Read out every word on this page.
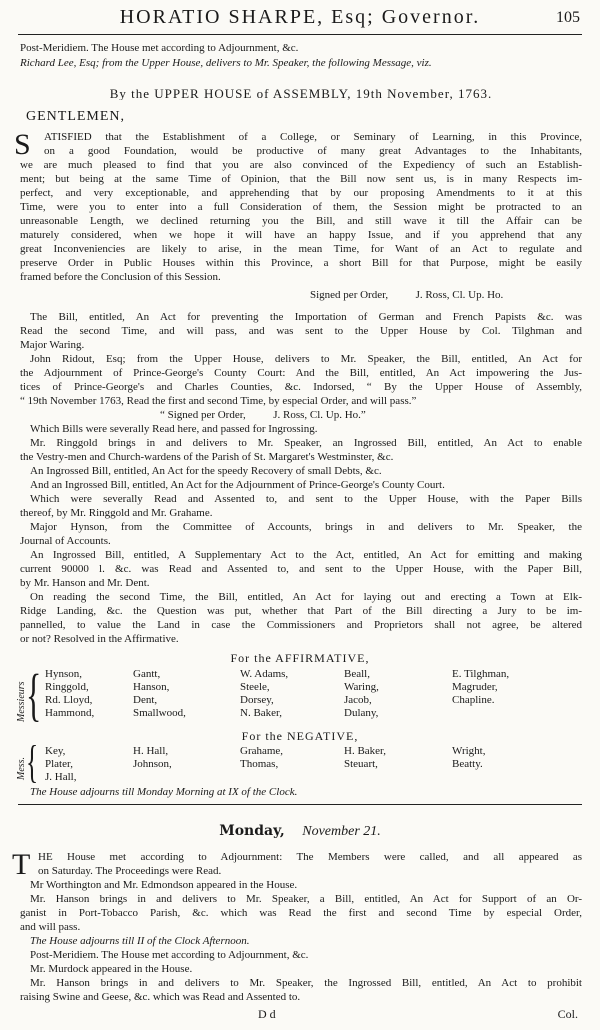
HORATIO SHARPE, Esq; Governor.	105
Post-Meridiem. The House met according to Adjournment, &c.
Richard Lee, Esq; from the Upper House, delivers to Mr. Speaker, the following Message, viz.
By the UPPER HOUSE of ASSEMBLY, 19th November, 1763.
GENTLEMEN,
S ATISFIED that the Establishment of a College, or Seminary of Learning, in this Province,
on a good Foundation, would be productive of many great Advantages to the Inhabitants,
we are much pleased to find that you are also convinced of the Expediency of such an Establish-
ment; but being at the same Time of Opinion, that the Bill now sent us, is in many Respects im-
perfect, and very exceptionable, and apprehending that by our proposing Amendments to it at this
Time, were you to enter into a full Consideration of them, the Session might be protracted to an
unreasonable Length, we declined returning you the Bill, and still wave it till the Affair can be
maturely considered, when we hope it will have an happy Issue, and if you apprehend that any
great Inconveniencies are likely to arise, in the mean Time, for Want of an Act to regulate and
preserve Order in Public Houses within this Province, a short Bill for that Purpose, might be easily
framed before the Conclusion of this Session.
Signed per Order,          J. Ross, Cl. Up. Ho.
The Bill, entitled, An Act for preventing the Importation of German and French Papists &c. was
Read the second Time, and will pass, and was sent to the Upper House by Col. Tilghman and
Major Waring.
John Ridout, Esq; from the Upper House, delivers to Mr. Speaker, the Bill, entitled, An Act for
the Adjournment of Prince-George's County Court: And the Bill, entitled, An Act impowering the Jus-
tices of Prince-George's and Charles Counties, &c. Indorsed, “ By the Upper House of Assembly,
“ 19th November 1763, Read the first and second Time, by especial Order, and will pass.”
“ Signed per Order,          J. Ross, Cl. Up. Ho.”
Which Bills were severally Read here, and passed for Ingrossing.
Mr. Ringgold brings in and delivers to Mr. Speaker, an Ingrossed Bill, entitled, An Act to enable
the Vestry-men and Church-wardens of the Parish of St. Margaret's Westminster, &c.
An Ingrossed Bill, entitled, An Act for the speedy Recovery of small Debts, &c.
And an Ingrossed Bill, entitled, An Act for the Adjournment of Prince-George's County Court.
Which were severally Read and Assented to, and sent to the Upper House, with the Paper Bills
thereof, by Mr. Ringgold and Mr. Grahame.
Major Hynson, from the Committee of Accounts, brings in and delivers to Mr. Speaker, the
Journal of Accounts.
An Ingrossed Bill, entitled, A Supplementary Act to the Act, entitled, An Act for emitting and making
current 90000 l. &c. was Read and Assented to, and sent to the Upper House, with the Paper Bill,
by Mr. Hanson and Mr. Dent.
On reading the second Time, the Bill, entitled, An Act for laying out and erecting a Town at Elk-
Ridge Landing, &c. the Question was put, whether that Part of the Bill directing a Jury to be im-
pannelled, to value the Land in case the Commissioners and Proprietors shall not agree, be altered
or not? Resolved in the Affirmative.
For the AFFIRMATIVE,
Messieurs { Hynson,
Ringgold,
Rd. Lloyd,
Hammond,
Gantt,
Hanson,
Dent,
Smallwood,
W. Adams,
Steele,
Dorsey,
N. Baker,
Beall,
Waring,
Jacob,
Dulany,
E. Tilghman,
Magruder,
Chapline.
For the NEGATIVE,
Mess. { Key,
Plater,
J. Hall,
H. Hall,
Johnson,
Grahame,
Thomas,
H. Baker,
Steuart,
Wright,
Beatty.
The House adjourns till Monday Morning at IX of the Clock.
Monday, November 21.
T HE House met according to Adjournment: The Members were called, and all appeared as
on Saturday. The Proceedings were Read.
Mr Worthington and Mr. Edmondson appeared in the House.
Mr. Hanson brings in and delivers to Mr. Speaker, a Bill, entitled, An Act for Support of an Or-
ganist in Port-Tobacco Parish, &c. which was Read the first and second Time by especial Order,
and will pass.
The House adjourns till II of the Clock Afternoon.
Post-Meridiem. The House met according to Adjournment, &c.
Mr. Murdock appeared in the House.
Mr. Hanson brings in and delivers to Mr. Speaker, the Ingrossed Bill, entitled, An Act to prohibit
raising Swine and Geese, &c. which was Read and Assented to.
D d	Col.
